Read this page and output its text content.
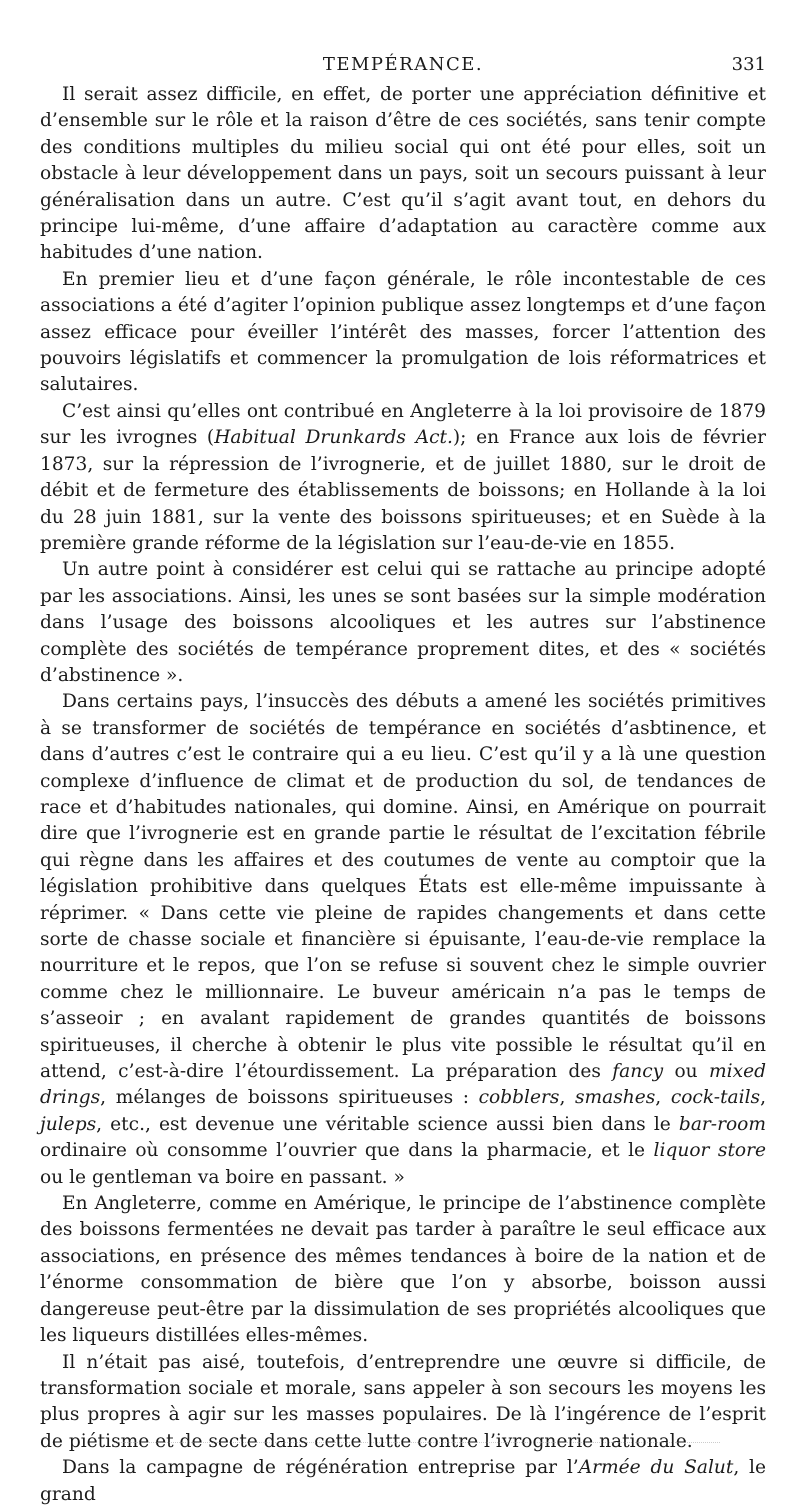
TEMPÉRANCE.	331

Il serait assez difficile, en effet, de porter une appréciation définitive et d’ensemble sur le rôle et la raison d’être de ces sociétés, sans tenir compte des conditions multiples du milieu social qui ont été pour elles, soit un obstacle à leur développement dans un pays, soit un secours puissant à leur généralisation dans un autre. C’est qu’il s’agit avant tout, en dehors du principe lui-même, d’une affaire d’adaptation au caractère comme aux habitudes d’une nation.

En premier lieu et d’une façon générale, le rôle incontestable de ces associations a été d’agiter l’opinion publique assez longtemps et d’une façon assez efficace pour éveiller l’intérêt des masses, forcer l’attention des pouvoirs législatifs et commencer la promulgation de lois réformatrices et salutaires.

C’est ainsi qu’elles ont contribué en Angleterre à la loi provisoire de 1879 sur les ivrognes (Habitual Drunkards Act.); en France aux lois de février 1873, sur la répression de l’ivrognerie, et de juillet 1880, sur le droit de débit et de fermeture des établissements de boissons; en Hollande à la loi du 28 juin 1881, sur la vente des boissons spiritueuses; et en Suède à la première grande réforme de la législation sur l’eau-de-vie en 1855.

Un autre point à considérer est celui qui se rattache au principe adopté par les associations. Ainsi, les unes se sont basées sur la simple modération dans l’usage des boissons alcooliques et les autres sur l’abstinence complète des sociétés de tempérance proprement dites, et des « sociétés d’abstinence ».

Dans certains pays, l’insuccès des débuts a amené les sociétés primitives à se transformer de sociétés de tempérance en sociétés d’asbtinence, et dans d’autres c’est le contraire qui a eu lieu. C’est qu’il y a là une question complexe d’influence de climat et de production du sol, de tendances de race et d’habitudes nationales, qui domine. Ainsi, en Amérique on pourrait dire que l’ivrognerie est en grande partie le résultat de l’excitation fébrile qui règne dans les affaires et des coutumes de vente au comptoir que la législation prohibitive dans quelques États est elle-même impuissante à réprimer. « Dans cette vie pleine de rapides changements et dans cette sorte de chasse sociale et financière si épuisante, l’eau-de-vie remplace la nourriture et le repos, que l’on se refuse si souvent chez le simple ouvrier comme chez le millionnaire. Le buveur américain n’a pas le temps de s’asseoir ; en avalant rapidement de grandes quantités de boissons spiritueuses, il cherche à obtenir le plus vite possible le résultat qu’il en attend, c’est-à-dire l’étourdissement. La préparation des fancy ou mixed drings, mélanges de boissons spiritueuses : cobblers, smashes, cock-tails, juleps, etc., est devenue une véritable science aussi bien dans le bar-room ordinaire où consomme l’ouvrier que dans la pharmacie, et le liquor store ou le gentleman va boire en passant. »

En Angleterre, comme en Amérique, le principe de l’abstinence complète des boissons fermentées ne devait pas tarder à paraître le seul efficace aux associations, en présence des mêmes tendances à boire de la nation et de l’énorme consommation de bière que l’on y absorbe, boisson aussi dangereuse peut-être par la dissimulation de ses propriétés alcooliques que les liqueurs distillées elles-mêmes.

Il n’était pas aisé, toutefois, d’entreprendre une œuvre si difficile, de transformation sociale et morale, sans appeler à son secours les moyens les plus propres à agir sur les masses populaires. De là l’ingérence de l’esprit de piétisme et de secte dans cette lutte contre l’ivrognerie nationale.

Dans la campagne de régénération entreprise par l’Armée du Salut, le grand
